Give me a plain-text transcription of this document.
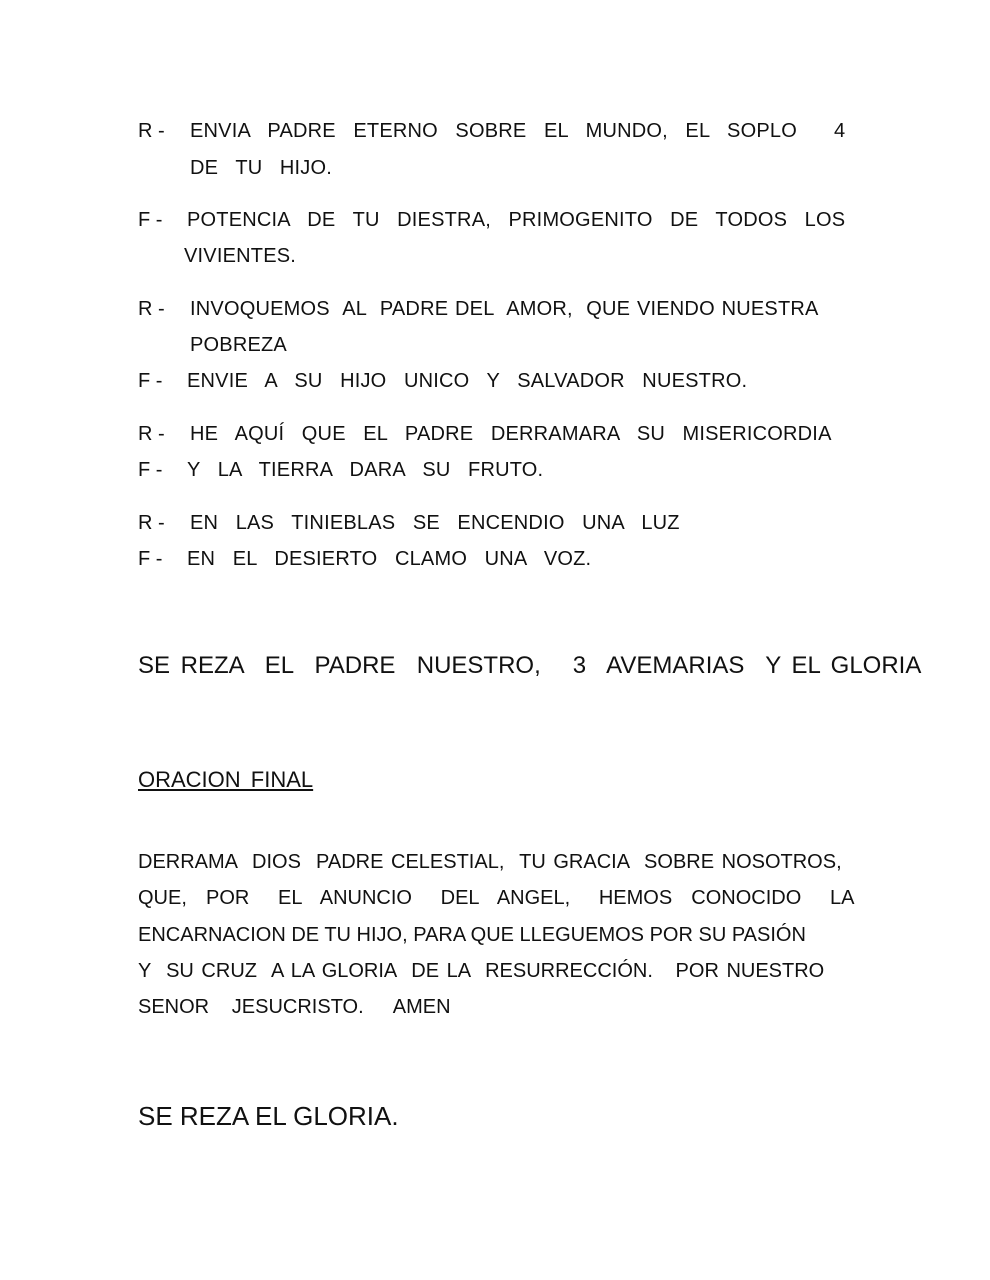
R - ENVIA  PADRE  ETERNO  SOBRE  EL  MUNDO,  EL  SOPLO 4
DE  TU  HIJO.
F - POTENCIA  DE  TU  DIESTRA,  PRIMOGENITO  DE  TODOS  LOS
VIVIENTES.
R - INVOQUEMOS  AL  PADRE DEL  AMOR,  QUE VIENDO NUESTRA
POBREZA
F - ENVIE  A  SU  HIJO  UNICO  Y  SALVADOR  NUESTRO.
R - HE  AQUÍ  QUE  EL  PADRE  DERRAMARA  SU  MISERICORDIA
F - Y  LA  TIERRA  DARA  SU  FRUTO.
R - EN  LAS  TINIEBLAS  SE  ENCENDIO  UNA  LUZ
F - EN  EL  DESIERTO  CLAMO  UNA  VOZ.
SE REZA  EL  PADRE  NUESTRO,   3  AVEMARIAS  Y EL GLORIA
ORACION FINAL
DERRAMA  DIOS  PADRE CELESTIAL,  TU GRACIA  SOBRE NOSOTROS,
QUE,  POR   EL  ANUNCIO   DEL  ANGEL,   HEMOS  CONOCIDO   LA
ENCARNACION DE TU HIJO, PARA QUE LLEGUEMOS POR SU PASIÓN
Y  SU CRUZ  A LA GLORIA  DE LA  RESURRECCIÓN.   POR NUESTRO
SENOR   JESUCRISTO.    AMEN
SE REZA EL GLORIA.
